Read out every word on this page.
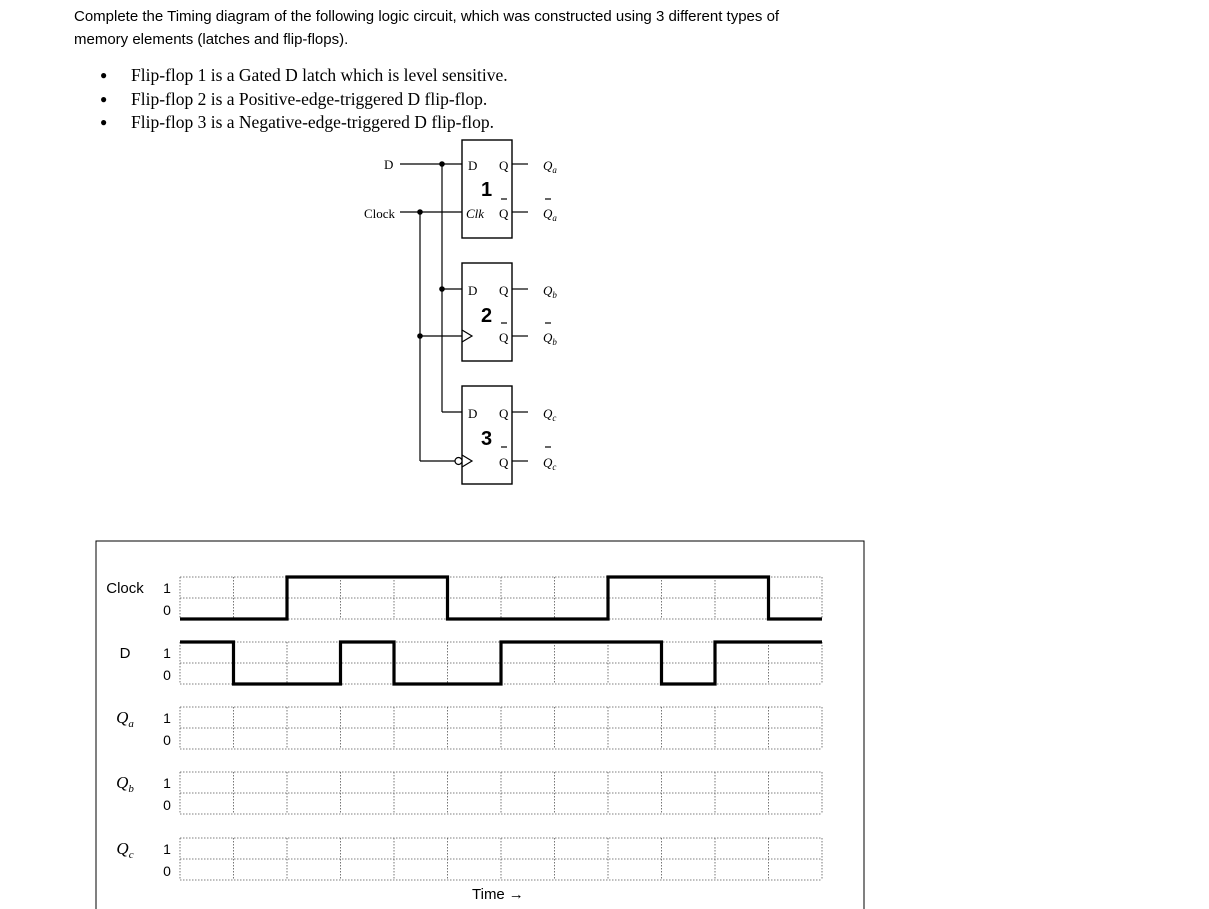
Complete the Timing diagram of the following logic circuit, which was constructed using 3 different types of memory elements (latches and flip-flops).
● Flip-flop 1 is a Gated D latch which is level sensitive.
● Flip-flop 2 is a Positive-edge-triggered D flip-flop.
● Flip-flop 3 is a Negative-edge-triggered D flip-flop.
D
Clock
D Q
1
Clk Q
D Q
2
Q
D Q
3
Q
$Q_a$
$Q_a$
$Q_b$
$Q_b$
$Q_c$
$Q_c$
Clock 1
0
D 1
0
$Q_a$ 1
0
$Q_b$ 1
0
$Q_c$ 1
0
Time →
